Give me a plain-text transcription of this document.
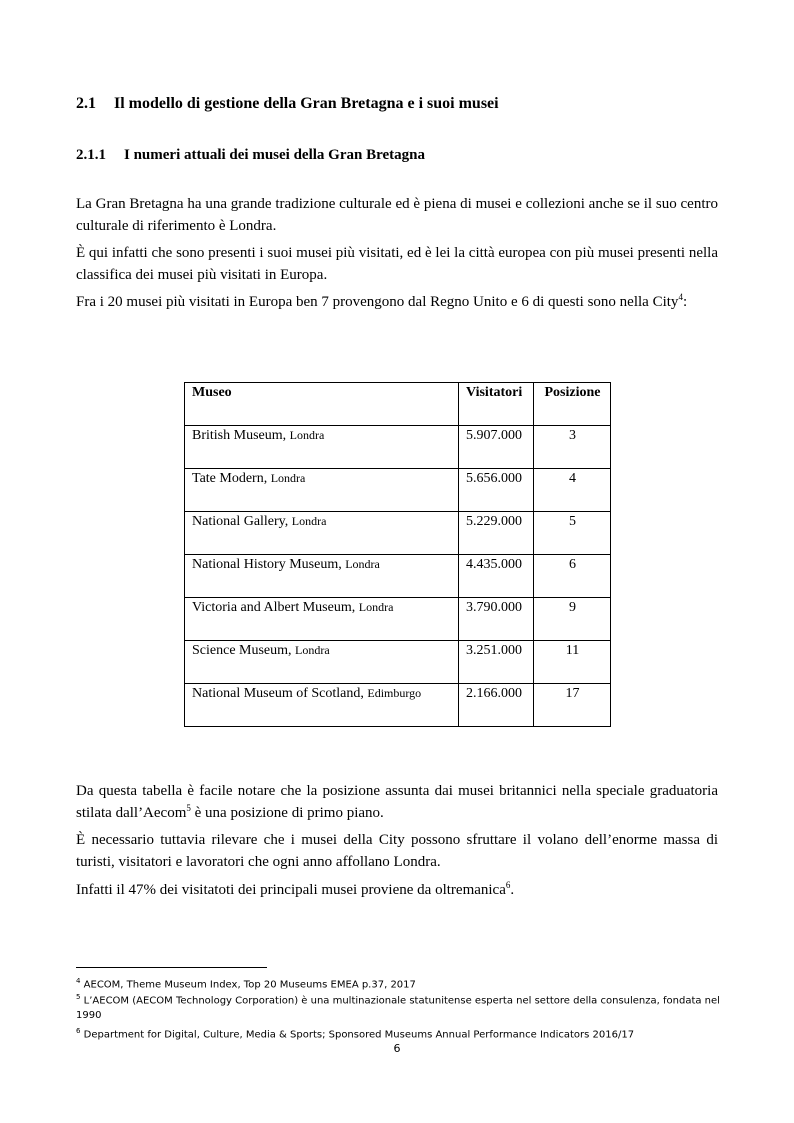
2.1 Il modello di gestione della Gran Bretagna e i suoi musei
2.1.1 I numeri attuali dei musei della Gran Bretagna
La Gran Bretagna ha una grande tradizione culturale ed è piena di musei e collezioni anche se il suo centro culturale di riferimento è Londra.
È qui infatti che sono presenti i suoi musei più visitati, ed è lei la città europea con più musei presenti nella classifica dei musei più visitati in Europa.
Fra i 20 musei più visitati in Europa ben 7 provengono dal Regno Unito e 6 di questi sono nella City$^4$:
Museo	Visitatori	Posizione
British Museum, Londra	5.907.000	3
Tate Modern, Londra	5.656.000	4
National Gallery, Londra	5.229.000	5
National History Museum, Londra	4.435.000	6
Victoria and Albert Museum, Londra	3.790.000	9
Science Museum, Londra	3.251.000	11
National Museum of Scotland, Edimburgo	2.166.000	17
Da questa tabella è facile notare che la posizione assunta dai musei britannici nella speciale graduatoria stilata dall’Aecom$^5$ è una posizione di primo piano.
È necessario tuttavia rilevare che i musei della City possono sfruttare il volano dell’enorme massa di turisti, visitatori e lavoratori che ogni anno affollano Londra.
Infatti il 47% dei visitatoti dei principali musei proviene da oltremanica$^6$.
$^4$ AECOM, Theme Museum Index, Top 20 Museums EMEA p.37, 2017
$^5$ L’AECOM (AECOM Technology Corporation) è una multinazionale statunitense esperta nel settore della consulenza, fondata nel 1990
$^6$ Department for Digital, Culture, Media & Sports; Sponsored Museums Annual Performance Indicators 2016/17
6
